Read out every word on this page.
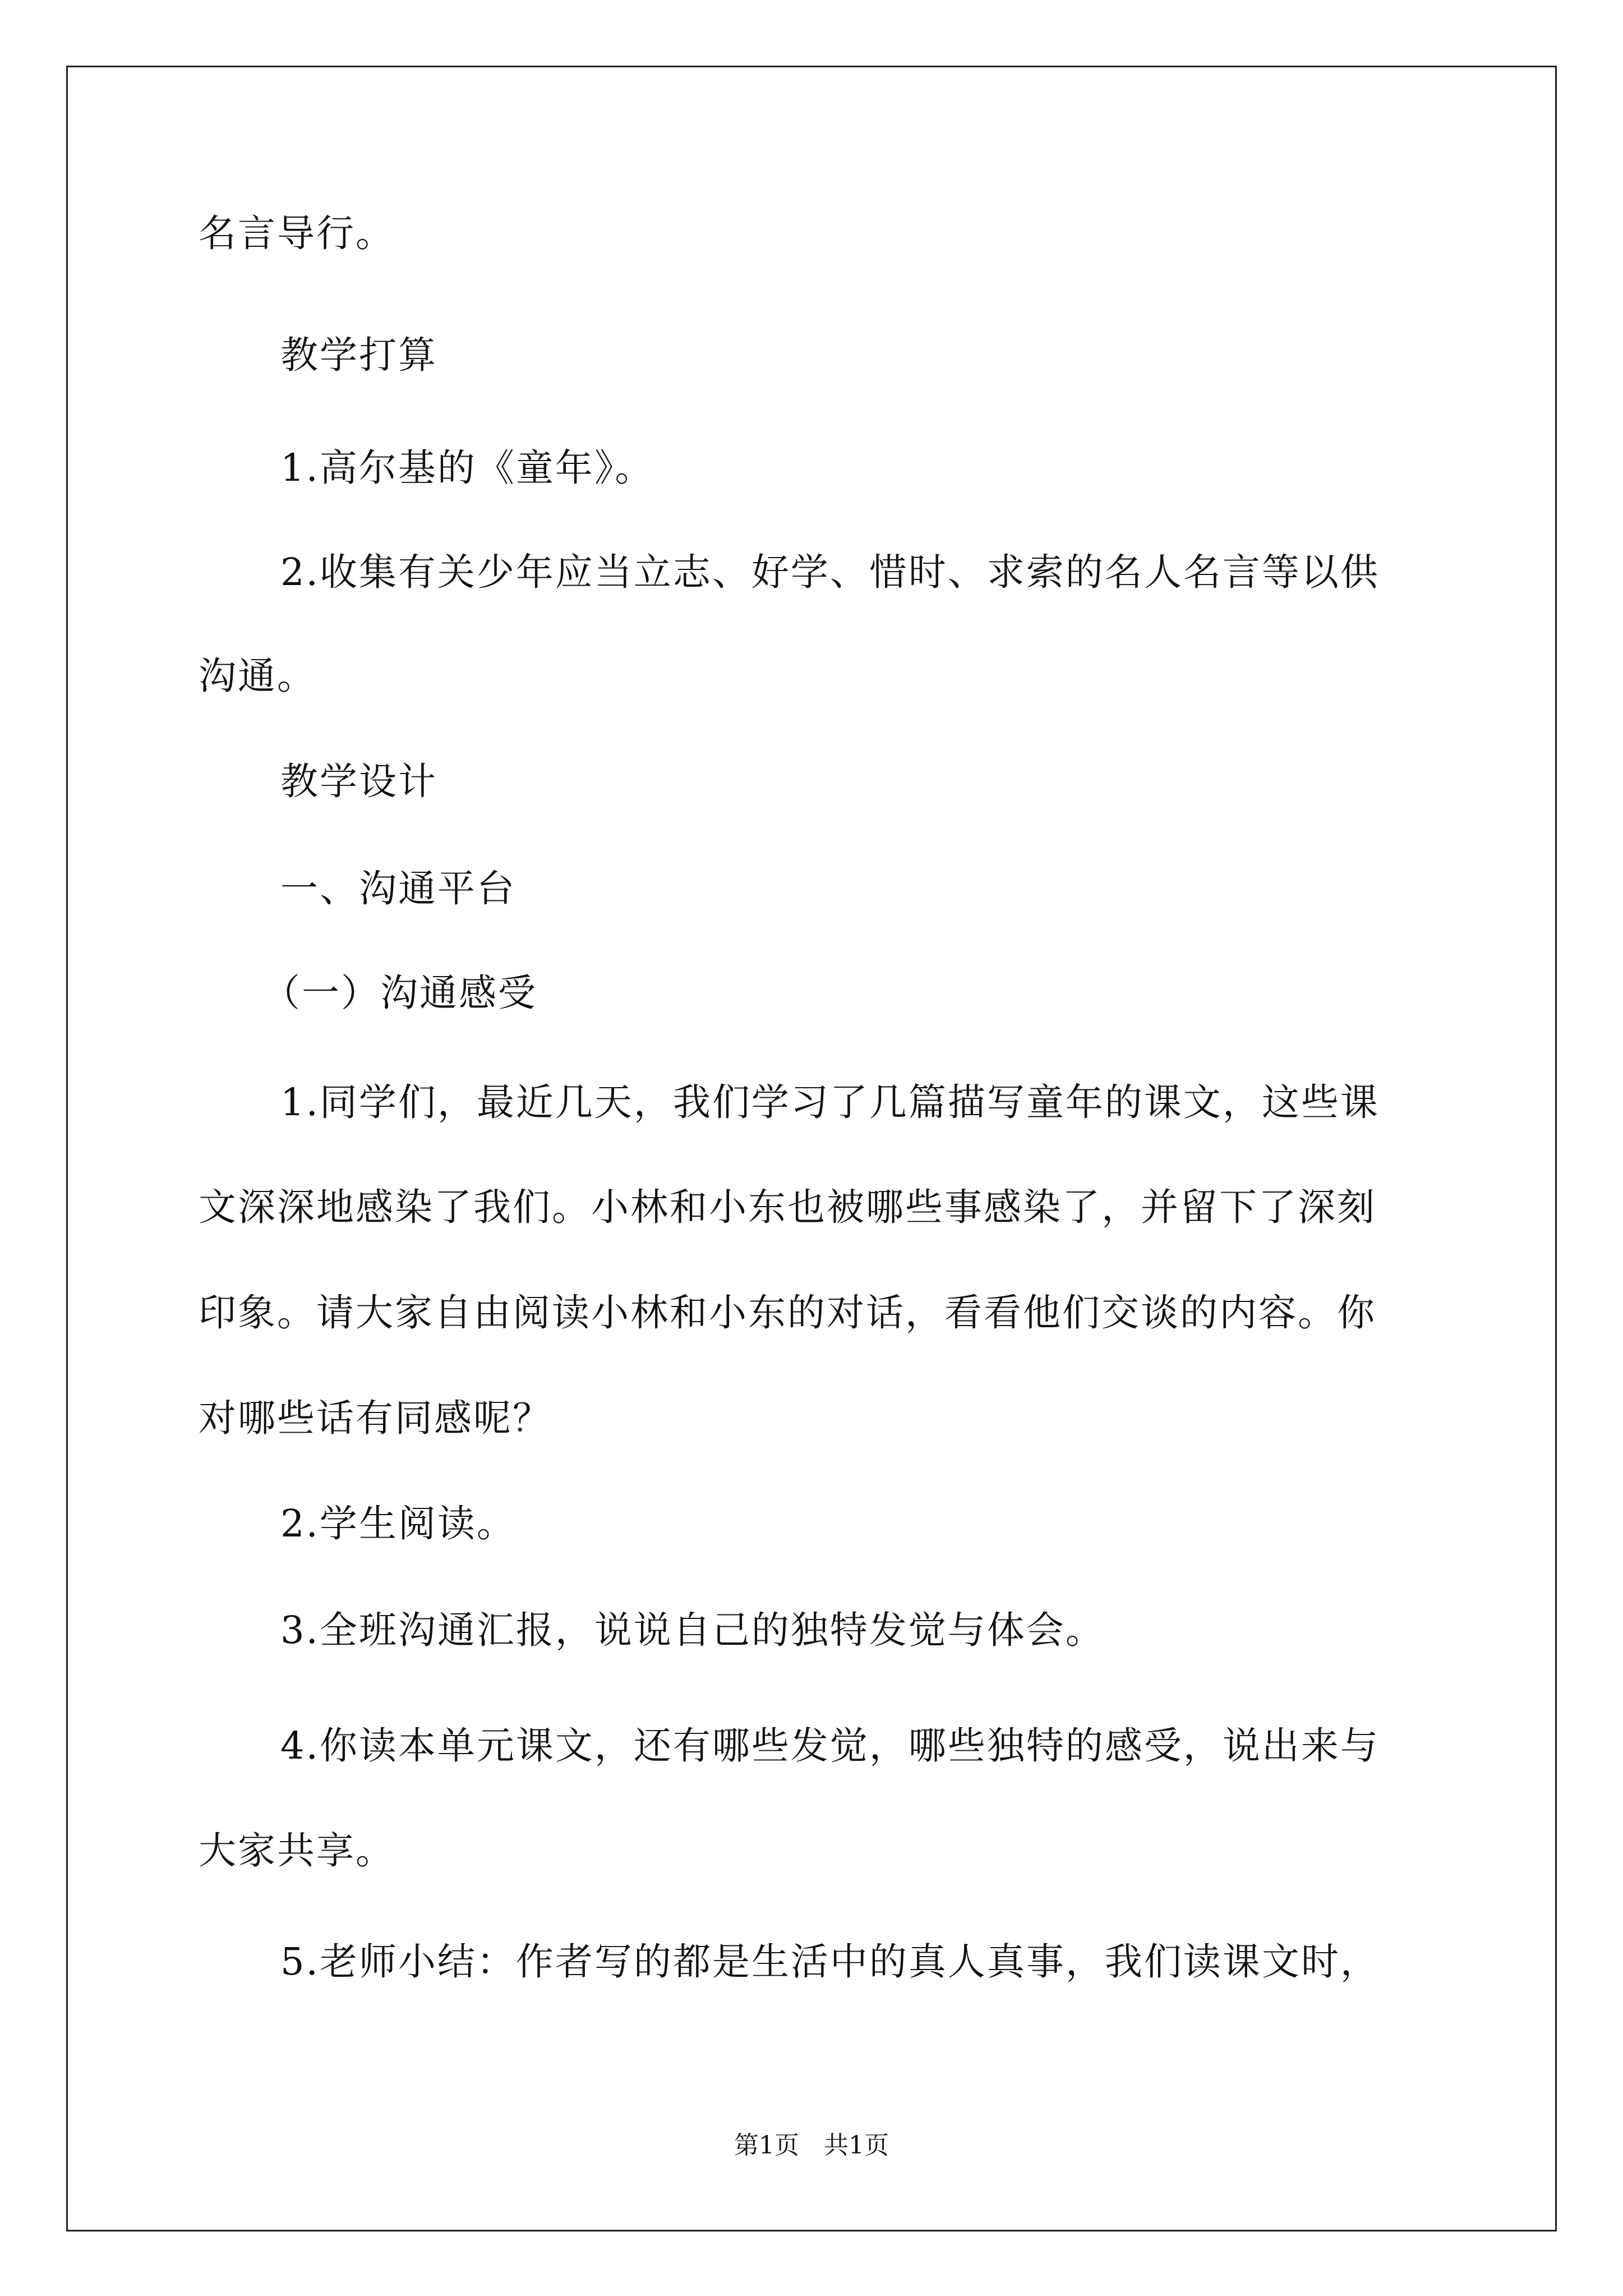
名言导行。
教学打算
1.高尔基的《童年》。
2.收集有关少年应当立志、好学、惜时、求索的名人名言等以供
沟通。
教学设计
一、沟通平台
（一）沟通感受
1.同学们，最近几天，我们学习了几篇描写童年的课文，这些课
文深深地感染了我们。小林和小东也被哪些事感染了，并留下了深刻
印象。请大家自由阅读小林和小东的对话，看看他们交谈的内容。你
对哪些话有同感呢？
2.学生阅读。
3.全班沟通汇报，说说自己的独特发觉与体会。
4.你读本单元课文，还有哪些发觉，哪些独特的感受，说出来与
大家共享。
5.老师小结：作者写的都是生活中的真人真事，我们读课文时，
第1页 共1页
